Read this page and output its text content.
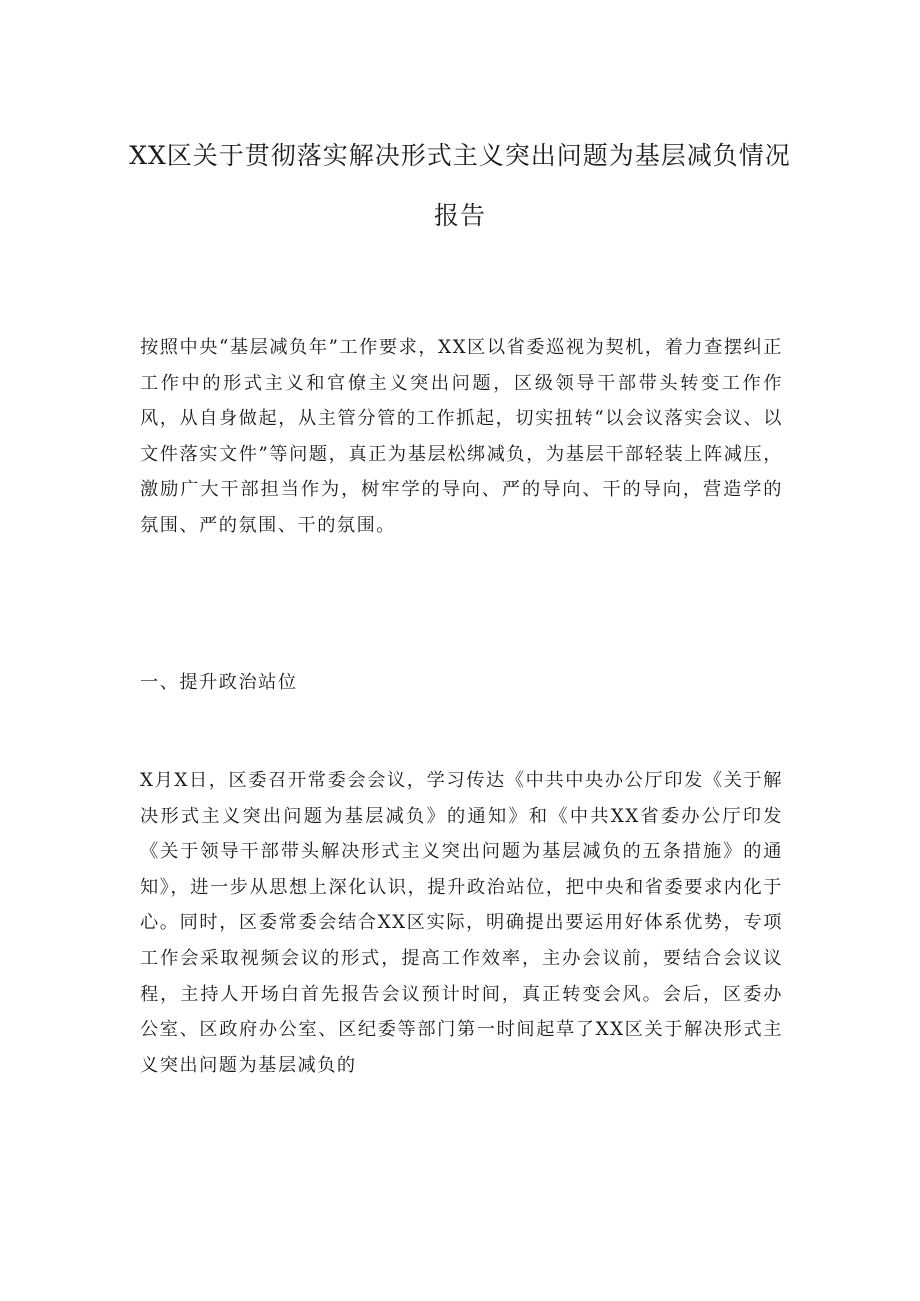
XX区关于贯彻落实解决形式主义突出问题为基层减负情况
报告

按照中央“基层减负年”工作要求，XX区以省委巡视为契机，着力查摆纠正工作中的形式主义和官僚主义突出问题，区级领导干部带头转变工作作风，从自身做起，从主管分管的工作抓起，切实扭转“以会议落实会议、以文件落实文件”等问题，真正为基层松绑减负，为基层干部轻装上阵减压，激励广大干部担当作为，树牢学的导向、严的导向、干的导向，营造学的氛围、严的氛围、干的氛围。

一、提升政治站位

X月X日，区委召开常委会会议，学习传达《中共中央办公厅印发《关于解决形式主义突出问题为基层减负》的通知》和《中共XX省委办公厅印发《关于领导干部带头解决形式主义突出问题为基层减负的五条措施》的通知》，进一步从思想上深化认识，提升政治站位，把中央和省委要求内化于心。同时，区委常委会结合XX区实际，明确提出要运用好体系优势，专项工作会采取视频会议的形式，提高工作效率，主办会议前，要结合会议议程，主持人开场白首先报告会议预计时间，真正转变会风。会后，区委办公室、区政府办公室、区纪委等部门第一时间起草了XX区关于解决形式主义突出问题为基层减负的
